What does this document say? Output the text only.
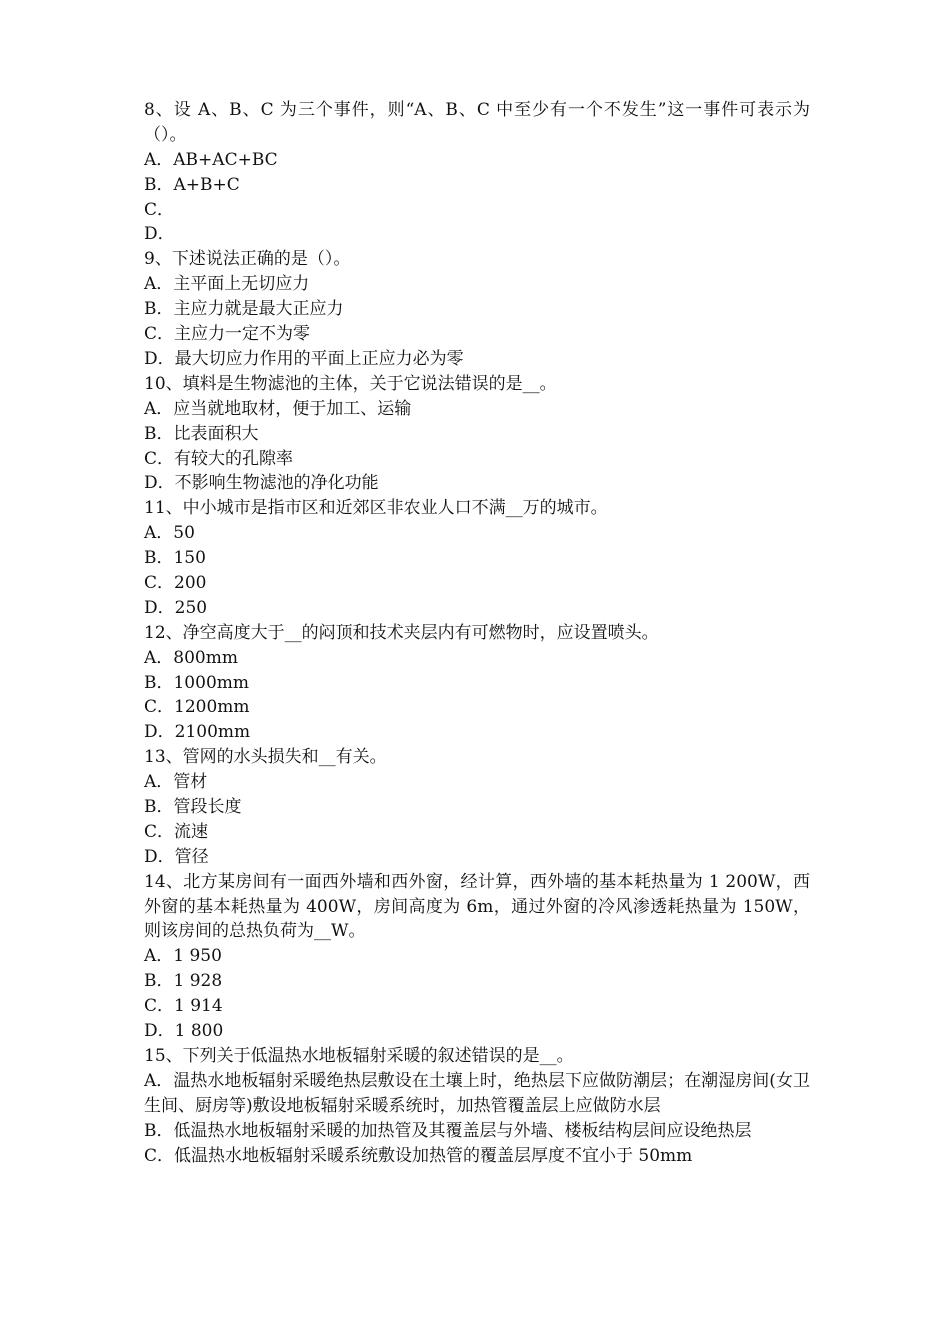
8、设 A、B、C 为三个事件，则“A、B、C 中至少有一个不发生”这一事件可表示为（）。
A．AB+AC+BC
B．A+B+C
C．
D．
9、下述说法正确的是（）。
A．主平面上无切应力
B．主应力就是最大正应力
C．主应力一定不为零
D．最大切应力作用的平面上正应力必为零
10、填料是生物滤池的主体，关于它说法错误的是__。
A．应当就地取材，便于加工、运输
B．比表面积大
C．有较大的孔隙率
D．不影响生物滤池的净化功能
11、中小城市是指市区和近郊区非农业人口不满__万的城市。
A．50
B．150
C．200
D．250
12、净空高度大于__的闷顶和技术夹层内有可燃物时，应设置喷头。
A．800mm
B．1000mm
C．1200mm
D．2100mm
13、管网的水头损失和__有关。
A．管材
B．管段长度
C．流速
D．管径
14、北方某房间有一面西外墙和西外窗，经计算，西外墙的基本耗热量为 1 200W，西外窗的基本耗热量为 400W，房间高度为 6m，通过外窗的冷风渗透耗热量为 150W，则该房间的总热负荷为__W。
A．1 950
B．1 928
C．1 914
D．1 800
15、下列关于低温热水地板辐射采暖的叙述错误的是__。
A．温热水地板辐射采暖绝热层敷设在土壤上时，绝热层下应做防潮层；在潮湿房间(女卫生间、厨房等)敷设地板辐射采暖系统时，加热管覆盖层上应做防水层
B．低温热水地板辐射采暖的加热管及其覆盖层与外墙、楼板结构层间应设绝热层
C．低温热水地板辐射采暖系统敷设加热管的覆盖层厚度不宜小于 50mm
